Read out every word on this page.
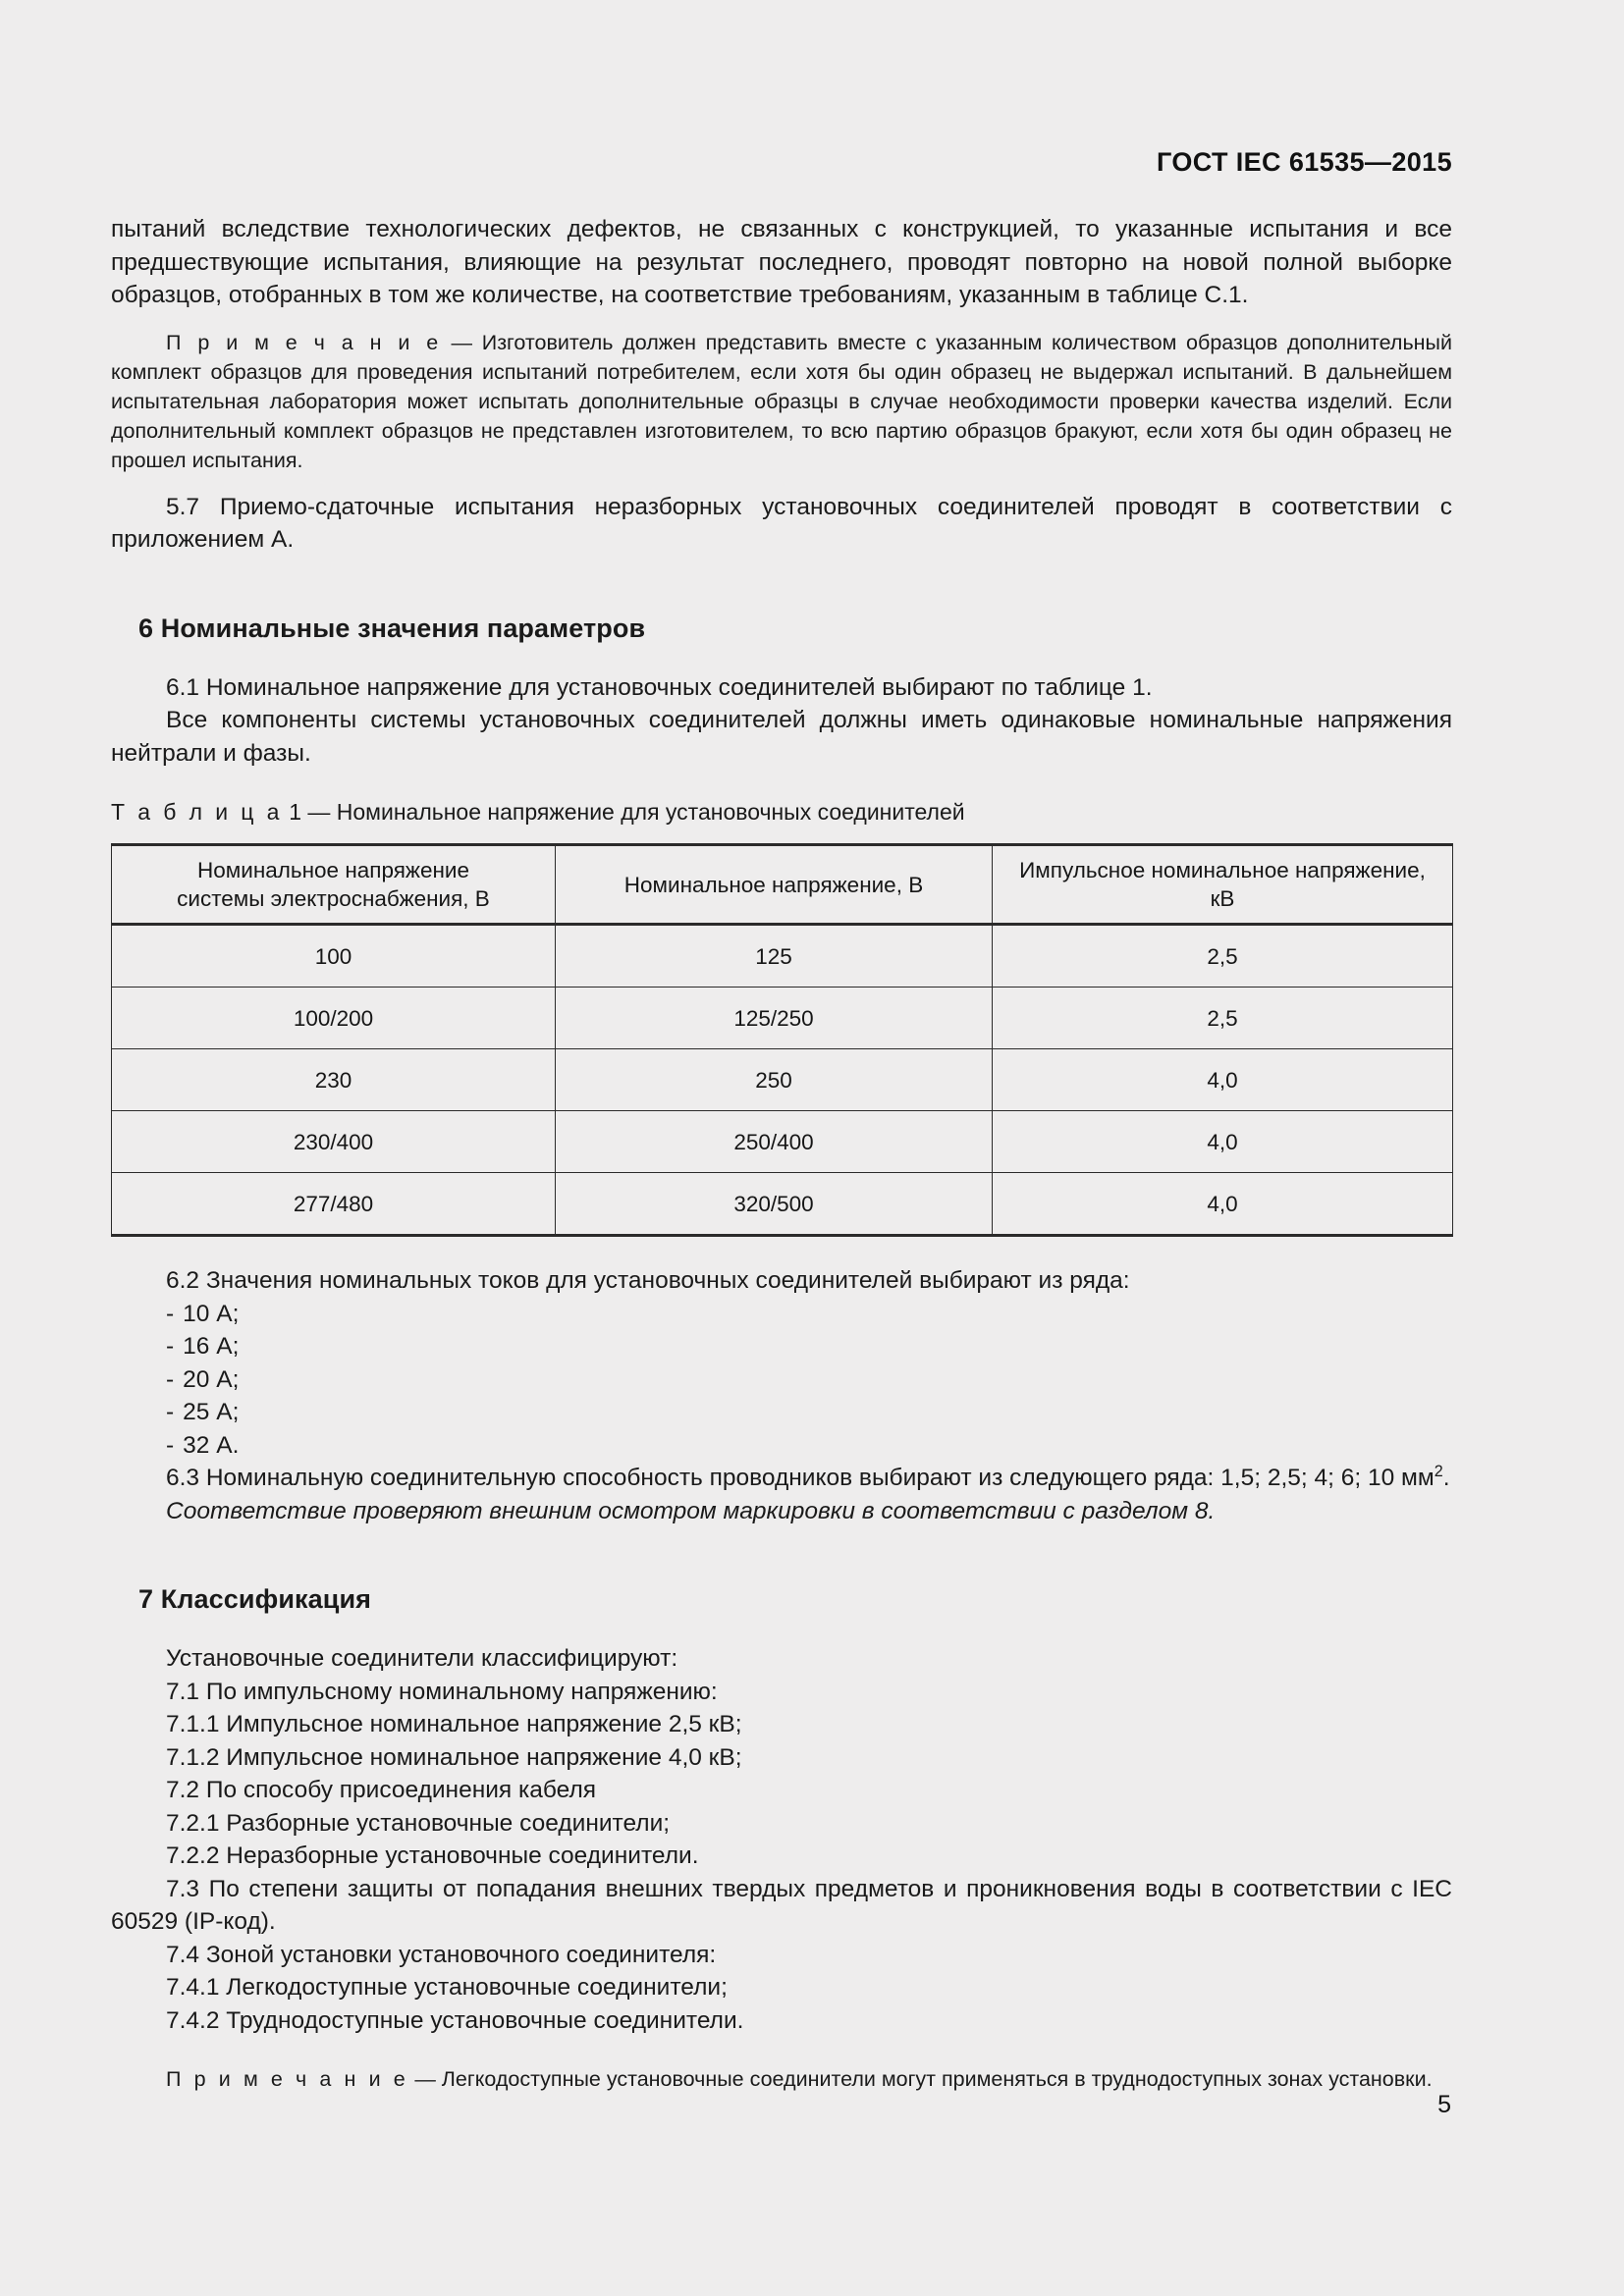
ГОСТ IEC 61535—2015

пытаний вследствие технологических дефектов, не связанных с конструкцией, то указанные испытания и все предшествующие испытания, влияющие на результат последнего, проводят повторно на новой полной выборке образцов, отобранных в том же количестве, на соответствие требованиям, указанным в таблице С.1.

П р и м е ч а н и е — Изготовитель должен представить вместе с указанным количеством образцов дополнительный комплект образцов для проведения испытаний потребителем, если хотя бы один образец не выдержал испытаний. В дальнейшем испытательная лаборатория может испытать дополнительные образцы в случае необходимости проверки качества изделий. Если дополнительный комплект образцов не представлен изготовителем, то всю партию образцов бракуют, если хотя бы один образец не прошел испытания.

5.7 Приемо-сдаточные испытания неразборных установочных соединителей проводят в соответствии с приложением А.

6 Номинальные значения параметров

6.1 Номинальное напряжение для установочных соединителей выбирают по таблице 1.

Все компоненты системы установочных соединителей должны иметь одинаковые номинальные напряжения нейтрали и фазы.

Т а б л и ц а 1 — Номинальное напряжение для установочных соединителей

Номинальное напряжение
системы электроснабжения, В	Номинальное напряжение, В	Импульсное номинальное напряжение,
кВ
100	125	2,5
100/200	125/250	2,5
230	250	4,0
230/400	250/400	4,0
277/480	320/500	4,0

6.2 Значения номинальных токов для установочных соединителей выбирают из ряда:

- 10 А;
- 16 А;
- 20 А;
- 25 А;
- 32 А.

6.3 Номинальную соединительную способность проводников выбирают из следующего ряда: 1,5; 2,5; 4; 6; 10 $мм^2$.

Соответствие проверяют внешним осмотром маркировки в соответствии с разделом 8.

7 Классификация

Установочные соединители классифицируют:

7.1 По импульсному номинальному напряжению:

7.1.1 Импульсное номинальное напряжение 2,5 кВ;

7.1.2 Импульсное номинальное напряжение 4,0 кВ;

7.2 По способу присоединения кабеля

7.2.1 Разборные установочные соединители;

7.2.2 Неразборные установочные соединители.

7.3 По степени защиты от попадания внешних твердых предметов и проникновения воды в соответствии с IEC 60529 (IP-код).

7.4 Зоной установки установочного соединителя:

7.4.1 Легкодоступные установочные соединители;

7.4.2 Труднодоступные установочные соединители.

П р и м е ч а н и е — Легкодоступные установочные соединители могут применяться в труднодоступных зонах установки.

5
